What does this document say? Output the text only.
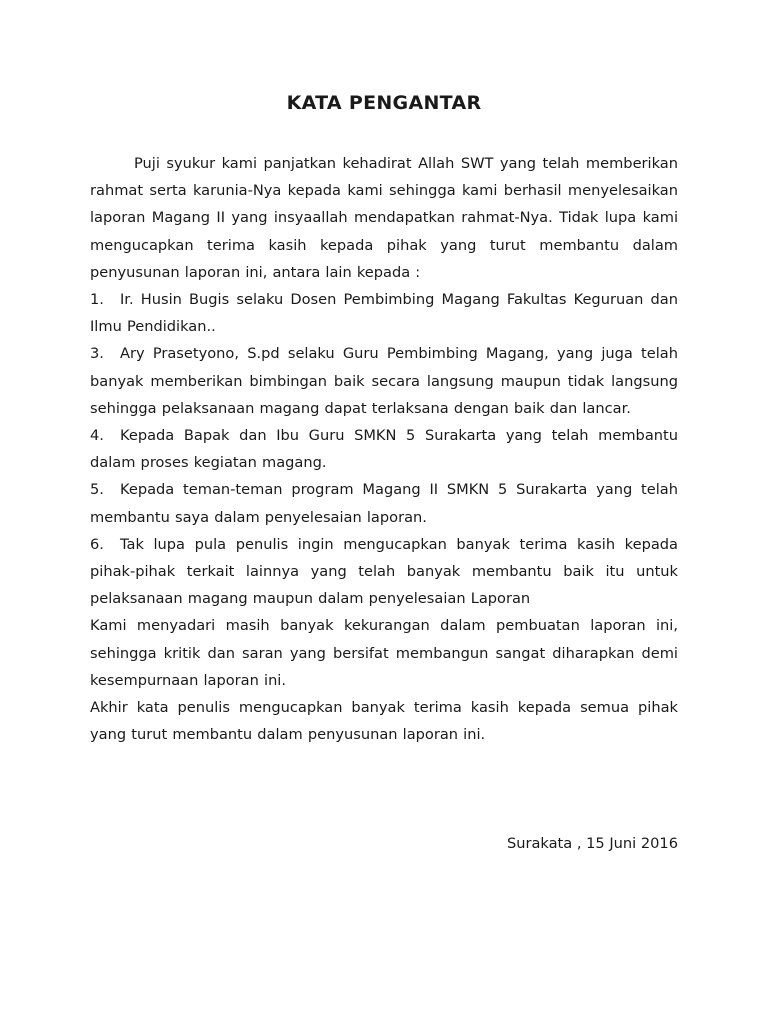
KATA PENGANTAR

Puji syukur kami panjatkan kehadirat Allah SWT yang telah memberikan rahmat serta karunia-Nya kepada kami sehingga kami berhasil menyelesaikan laporan Magang II yang insyaallah mendapatkan rahmat-Nya. Tidak lupa kami mengucapkan terima kasih kepada pihak yang turut membantu dalam penyusunan laporan ini, antara lain kepada :

1. Ir. Husin Bugis selaku Dosen Pembimbing Magang Fakultas Keguruan dan Ilmu Pendidikan..

3. Ary Prasetyono, S.pd selaku Guru Pembimbing Magang, yang juga telah banyak memberikan bimbingan baik secara langsung maupun tidak langsung sehingga pelaksanaan magang dapat terlaksana dengan baik dan lancar.

4. Kepada Bapak dan Ibu Guru SMKN 5 Surakarta yang telah membantu dalam proses kegiatan magang.

5. Kepada teman-teman program Magang II SMKN 5 Surakarta yang telah membantu saya dalam penyelesaian laporan.

6. Tak lupa pula penulis ingin mengucapkan banyak terima kasih kepada pihak-pihak terkait lainnya yang telah banyak membantu baik itu untuk pelaksanaan magang maupun dalam penyelesaian Laporan

Kami menyadari masih banyak kekurangan dalam pembuatan laporan ini, sehingga kritik dan saran yang bersifat membangun sangat diharapkan demi kesempurnaan laporan ini.

Akhir kata penulis mengucapkan banyak terima kasih kepada semua pihak yang turut membantu dalam penyusunan laporan ini.

Surakata , 15 Juni 2016
